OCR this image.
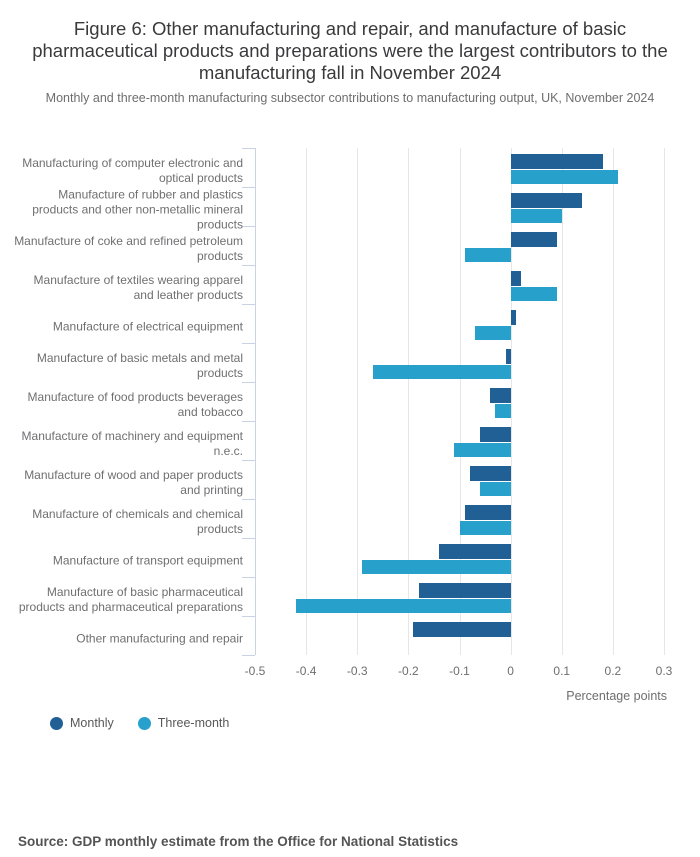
Figure 6: Other manufacturing and repair, and manufacture of basic pharmaceutical products and preparations were the largest contributors to the manufacturing fall in November 2024

Monthly and three-month manufacturing subsector contributions to manufacturing output, UK, November 2024

Percentage points
-0.5	-0.4	-0.3	-0.2	-0.1	0	0.1	0.2	0.3
Manufacturing of computer electronic and optical products
Manufacture of rubber and plastics products and other non-metallic mineral products
Manufacture of coke and refined petroleum products
Manufacture of textiles wearing apparel and leather products
Manufacture of electrical equipment
Manufacture of basic metals and metal products
Manufacture of food products beverages and tobacco
Manufacture of machinery and equipment n.e.c.
Manufacture of wood and paper products and printing
Manufacture of chemicals and chemical products
Manufacture of transport equipment
Manufacture of basic pharmaceutical products and pharmaceutical preparations
Other manufacturing and repair
Monthly	Three-month

Source: GDP monthly estimate from the Office for National Statistics
